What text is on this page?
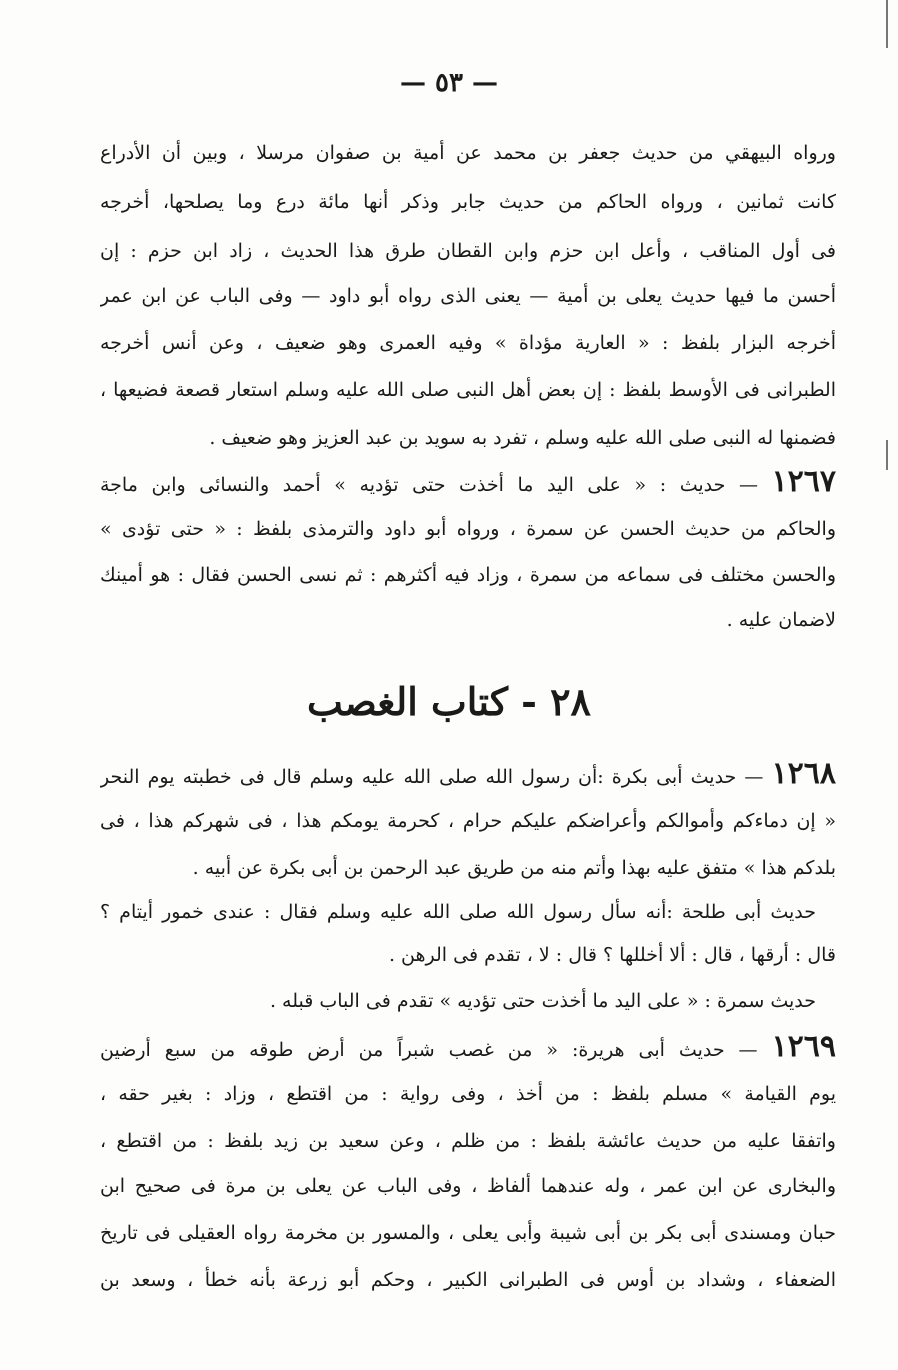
— ٥٣ —
ورواه البيهقي من حديث جعفر بن محمد عن أمية بن صفوان مرسلا ، وبين أن الأدراع
كانت ثمانين ، ورواه الحاكم من حديث جابر وذكر أنها مائة درع وما يصلحها، أخرجه
فى أول المناقب ، وأعل ابن حزم وابن القطان طرق هذا الحديث ، زاد ابن حزم : إن
أحسن ما فيها حديث يعلى بن أمية — يعنى الذى رواه أبو داود — وفى الباب عن ابن عمر
أخرجه البزار بلفظ : « العارية مؤداة » وفيه العمرى وهو ضعيف ، وعن أنس أخرجه
الطبرانى فى الأوسط بلفظ : إن بعض أهل النبى صلى الله عليه وسلم استعار قصعة فضيعها ،
فضمنها له النبى صلى الله عليه وسلم ، تفرد به سويد بن عبد العزيز وهو ضعيف .
١٢٦٧ — حديث : « على اليد ما أخذت حتى تؤديه » أحمد والنسائى وابن ماجة
والحاكم من حديث الحسن عن سمرة ، ورواه أبو داود والترمذى بلفظ : « حتى تؤدى »
والحسن مختلف فى سماعه من سمرة ، وزاد فيه أكثرهم : ثم نسى الحسن فقال : هو أمينك
لاضمان عليه .
٢٨ - كتاب الغصب
١٢٦٨ — حديث أبى بكرة :أن رسول الله صلى الله عليه وسلم قال فى خطبته يوم النحر
« إن دماءكم وأموالكم وأعراضكم عليكم حرام ، كحرمة يومكم هذا ، فى شهركم هذا ، فى
بلدكم هذا » متفق عليه بهذا وأتم منه من طريق عبد الرحمن بن أبى بكرة عن أبيه .
حديث أبى طلحة :أنه سأل رسول الله صلى الله عليه وسلم فقال : عندى خمور أيتام ؟
قال : أرقها ، قال : ألا أخللها ؟ قال : لا ، تقدم فى الرهن .
حديث سمرة : « على اليد ما أخذت حتى تؤديه » تقدم فى الباب قبله .
١٢٦٩ — حديث أبى هريرة: « من غصب شبراً من أرض طوقه من سبع أرضين
يوم القيامة » مسلم بلفظ : من أخذ ، وفى رواية : من اقتطع ، وزاد : بغير حقه ،
واتفقا عليه من حديث عائشة بلفظ : من ظلم ، وعن سعيد بن زيد بلفظ : من اقتطع ،
والبخارى عن ابن عمر ، وله عندهما ألفاظ ، وفى الباب عن يعلى بن مرة فى صحيح ابن
حبان ومسندى أبى بكر بن أبى شيبة وأبى يعلى ، والمسور بن مخرمة رواه العقيلى فى تاريخ
الضعفاء ، وشداد بن أوس فى الطبرانى الكبير ، وحكم أبو زرعة بأنه خطأ ، وسعد بن
